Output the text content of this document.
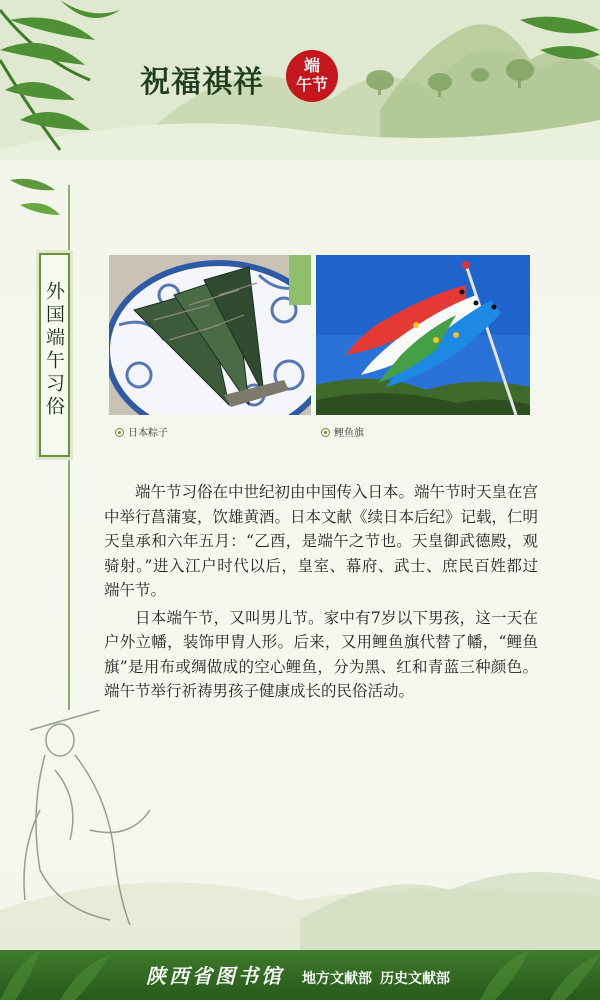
祝福祺祥	端
午节
外国端午习俗
日本粽子	鲤鱼旗

端午节习俗在中世纪初由中国传入日本。端午节时天皇在宫中举行菖蒲宴，饮雄黄酒。日本文献《续日本后纪》记载，仁明天皇承和六年五月：“乙酉，是端午之节也。天皇御武德殿，观骑射。”进入江户时代以后，皇室、幕府、武士、庶民百姓都过端午节。

日本端午节，又叫男儿节。家中有7岁以下男孩，这一天在户外立幡，装饰甲胄人形。后来，又用鲤鱼旗代替了幡，“鲤鱼旗”是用布或绸做成的空心鲤鱼，分为黑、红和青蓝三种颜色。端午节举行祈祷男孩子健康成长的民俗活动。

陕西省图书馆 地方文献部 历史文献部
